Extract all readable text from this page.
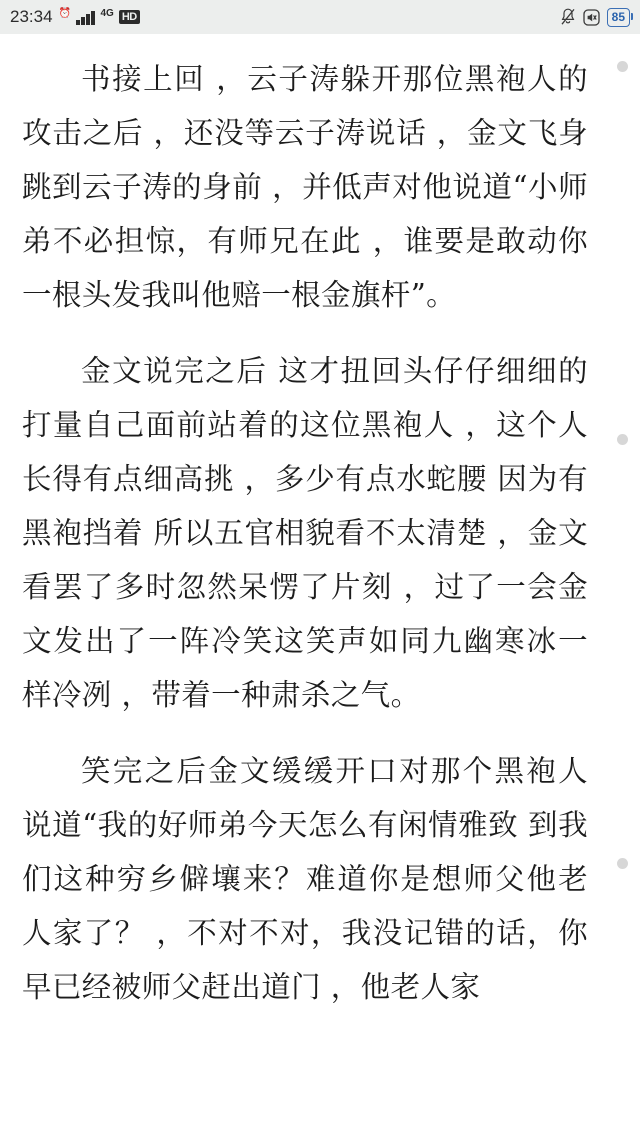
23:34 ⏰	4G HD	85

书接上回 ，云子涛躲开那位黑袍人的攻击之后 ，还没等云子涛说话 ，金文飞身跳到云子涛的身前 ，并低声对他说道“小师弟不必担惊，有师兄在此 ，谁要是敢动你一根头发我叫他赔一根金旗杆”。

金文说完之后 这才扭回头仔仔细细的打量自己面前站着的这位黑袍人 ，这个人长得有点细高挑 ，多少有点水蛇腰 因为有黑袍挡着 所以五官相貌看不太清楚 ，金文看罢了多时忽然呆愣了片刻 ，过了一会金文发出了一阵冷笑这笑声如同九幽寒冰一样冷冽 ，带着一种肃杀之气。

笑完之后金文缓缓开口对那个黑袍人说道“我的好师弟今天怎么有闲情雅致 到我们这种穷乡僻壤来？难道你是想师父他老人家了？ ，不对不对，我没记错的话，你早已经被师父赶出道门 ，他老人家
